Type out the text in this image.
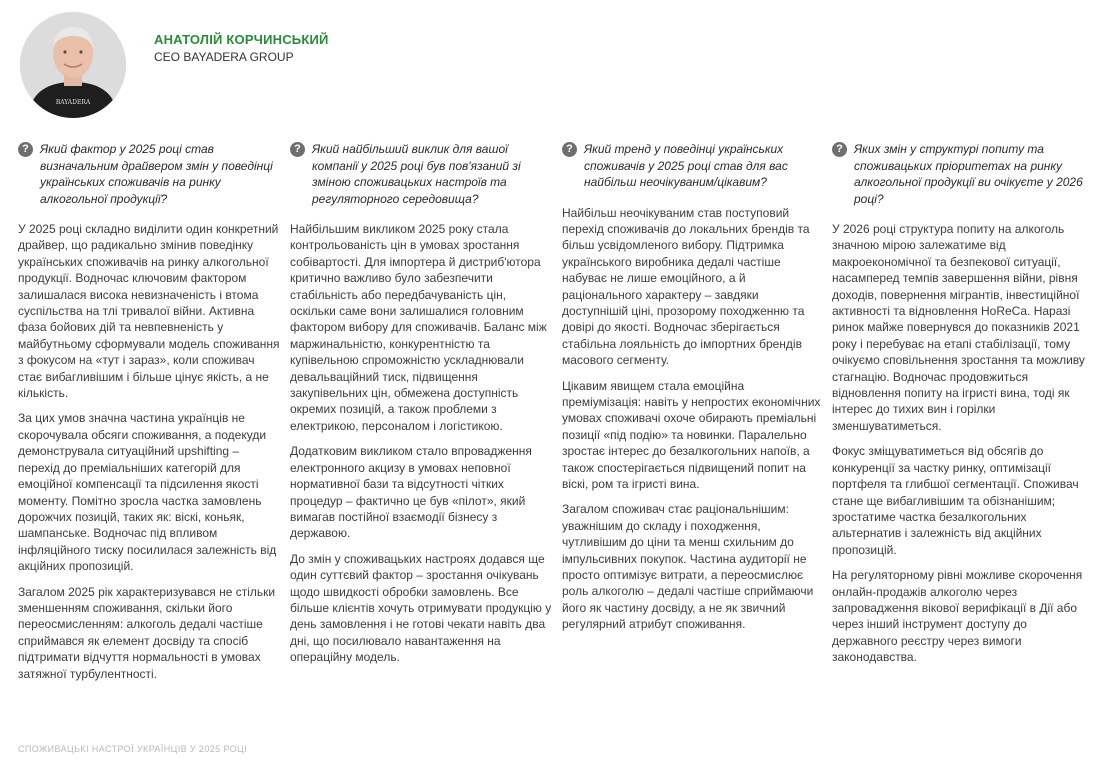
BAYADERA
АНАТОЛІЙ КОРЧИНСЬКИЙ
CEO BAYADERA GROUP
? Який фактор у 2025 році став визначальним драйвером змін у поведінці українських споживачів на ринку алкогольної продукції?

У 2025 році складно виділити один конкретний драйвер, що радикально змінив поведінку українських споживачів на ринку алкогольної продукції. Водночас ключовим фактором залишалася висока невизначеність і втома суспільства на тлі тривалої війни. Активна фаза бойових дій та невпевненість у майбутньому сформували модель споживання з фокусом на «тут і зараз», коли споживач стає вибагливішим і більше цінує якість, а не кількість.

За цих умов значна частина українців не скорочувала обсяги споживання, а подекуди демонструвала ситуаційний upshifting – перехід до преміальніших категорій для емоційної компенсації та підсилення якості моменту. Помітно зросла частка замовлень дорожчих позицій, таких як: віскі, коньяк, шампанське. Водночас під впливом інфляційного тиску посилилася залежність від акційних пропозицій.

Загалом 2025 рік характеризувався не стільки зменшенням споживання, скільки його переосмисленням: алкоголь дедалі частіше сприймався як елемент досвіду та спосіб підтримати відчуття нормальності в умовах затяжної турбулентності.

? Який найбільший виклик для вашої компанії у 2025 році був пов'язаний зі зміною споживацьких настроїв та регуляторного середовища?

Найбільшим викликом 2025 року стала контрольованість цін в умовах зростання собівартості. Для імпортера й дистриб'ютора критично важливо було забезпечити стабільність або передбачуваність цін, оскільки саме вони залишалися головним фактором вибору для споживачів. Баланс між маржинальністю, конкурентністю та купівельною спроможністю ускладнювали девальваційний тиск, підвищення закупівельних цін, обмежена доступність окремих позицій, а також проблеми з електрикою, персоналом і логістикою.

Додатковим викликом стало впровадження електронного акцизу в умовах неповної нормативної бази та відсутності чітких процедур – фактично це був «пілот», який вимагав постійної взаємодії бізнесу з державою.

До змін у споживацьких настроях додався ще один суттєвий фактор – зростання очікувань щодо швидкості обробки замовлень. Все більше клієнтів хочуть отримувати продукцію у день замовлення і не готові чекати навіть два дні, що посилювало навантаження на операційну модель.

? Який тренд у поведінці українських споживачів у 2025 році став для вас найбільш неочікуваним/цікавим?

Найбільш неочікуваним став поступовий перехід споживачів до локальних брендів та більш усвідомленого вибору. Підтримка українського виробника дедалі частіше набуває не лише емоційного, а й раціонального характеру – завдяки доступнішій ціні, прозорому походженню та довірі до якості. Водночас зберігається стабільна лояльність до імпортних брендів масового сегменту.

Цікавим явищем стала емоційна преміумізація: навіть у непростих економічних умовах споживачі охоче обирають преміальні позиції «під подію» та новинки. Паралельно зростає інтерес до безалкогольних напоїв, а також спостерігається підвищений попит на віскі, ром та ігристі вина.

Загалом споживач стає раціональнішим: уважнішим до складу і походження, чутливішим до ціни та менш схильним до імпульсивних покупок. Частина аудиторії не просто оптимізує витрати, а переосмислює роль алкоголю – дедалі частіше сприймаючи його як частину досвіду, а не як звичний регулярний атрибут споживання.

? Яких змін у структурі попиту та споживацьких пріоритетах на ринку алкогольної продукції ви очікуєте у 2026 році?

У 2026 році структура попиту на алкоголь значною мірою залежатиме від макроекономічної та безпекової ситуації, насамперед темпів завершення війни, рівня доходів, повернення мігрантів, інвестиційної активності та відновлення HoReCa. Наразі ринок майже повернувся до показників 2021 року і перебуває на етапі стабілізації, тому очікуємо сповільнення зростання та можливу стагнацію. Водночас продовжиться відновлення попиту на ігристі вина, тоді як інтерес до тихих вин і горілки зменшуватиметься.

Фокус зміщуватиметься від обсягів до конкуренції за частку ринку, оптимізації портфеля та глибшої сегментації. Споживач стане ще вибагливішим та обізнанішим; зростатиме частка безалкогольних альтернатив і залежність від акційних пропозицій.

На регуляторному рівні можливе скорочення онлайн-продажів алкоголю через запровадження вікової верифікації в Дії або через інший інструмент доступу до державного реєстру через вимоги законодавства.

СПОЖИВАЦЬКІ НАСТРОЇ УКРАЇНЦІВ У 2025 РОЦІ
